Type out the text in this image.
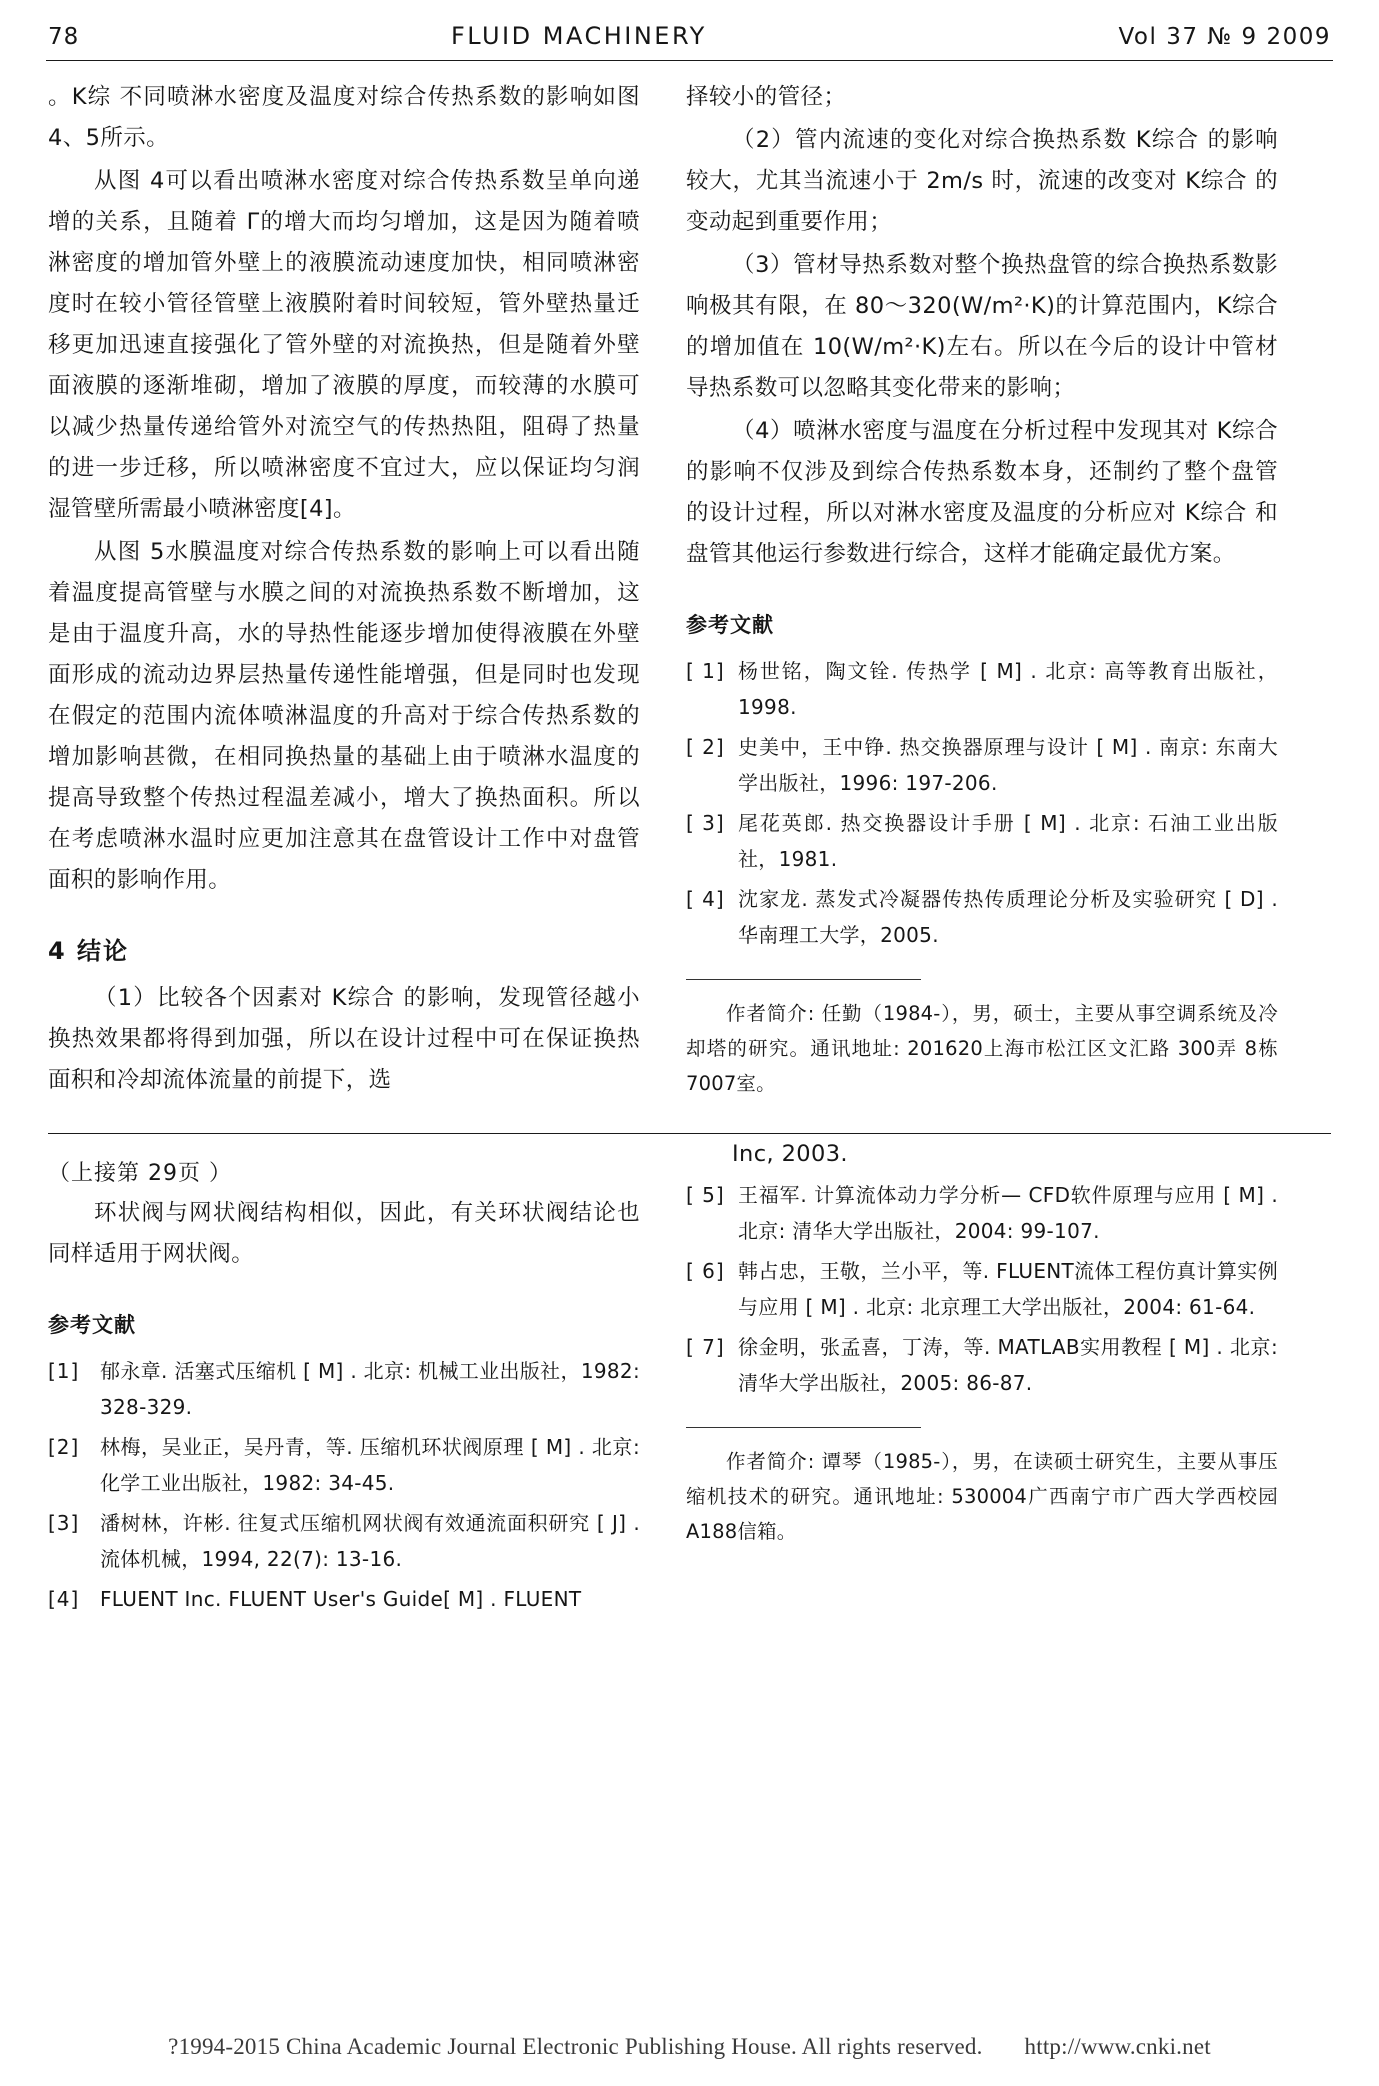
78	FLUID MACHINERY	Vol 37 № 9 2009

。K综 不同喷淋水密度及温度对综合传热系数的影响如图 4、5所示。

从图 4可以看出喷淋水密度对综合传热系数呈单向递增的关系，且随着 Γ的增大而均匀增加，这是因为随着喷淋密度的增加管外壁上的液膜流动速度加快，相同喷淋密度时在较小管径管壁上液膜附着时间较短，管外壁热量迁移更加迅速直接强化了管外壁的对流换热，但是随着外壁面液膜的逐渐堆砌，增加了液膜的厚度，而较薄的水膜可以减少热量传递给管外对流空气的传热热阻，阻碍了热量的进一步迁移，所以喷淋密度不宜过大，应以保证均匀润湿管壁所需最小喷淋密度[4]。

从图 5水膜温度对综合传热系数的影响上可以看出随着温度提高管壁与水膜之间的对流换热系数不断增加，这是由于温度升高，水的导热性能逐步增加使得液膜在外壁面形成的流动边界层热量传递性能增强，但是同时也发现在假定的范围内流体喷淋温度的升高对于综合传热系数的增加影响甚微，在相同换热量的基础上由于喷淋水温度的提高导致整个传热过程温差减小，增大了换热面积。所以在考虑喷淋水温时应更加注意其在盘管设计工作中对盘管面积的影响作用。

4 结论

（1）比较各个因素对 K综合 的影响，发现管径越小换热效果都将得到加强，所以在设计过程中可在保证换热面积和冷却流体流量的前提下，选

择较小的管径；

（2）管内流速的变化对综合换热系数 K综合 的影响较大，尤其当流速小于 2m/s 时，流速的改变对 K综合 的变动起到重要作用；

（3）管材导热系数对整个换热盘管的综合换热系数影响极其有限，在 80～320(W/m²·K)的计算范围内，K综合 的增加值在 10(W/m²·K)左右。所以在今后的设计中管材导热系数可以忽略其变化带来的影响；

（4）喷淋水密度与温度在分析过程中发现其对 K综合 的影响不仅涉及到综合传热系数本身，还制约了整个盘管的设计过程，所以对淋水密度及温度的分析应对 K综合 和盘管其他运行参数进行综合，这样才能确定最优方案。

参考文献
[ 1] 杨世铭，陶文铨. 传热学 [ M] . 北京: 高等教育出版社，1998.
[ 2] 史美中，王中铮. 热交换器原理与设计 [ M] . 南京: 东南大学出版社，1996: 197-206.
[ 3] 尾花英郎. 热交换器设计手册 [ M] . 北京: 石油工业出版社，1981.
[ 4] 沈家龙. 蒸发式冷凝器传热传质理论分析及实验研究 [ D] . 华南理工大学，2005.

作者简介: 任勤（1984-），男，硕士，主要从事空调系统及冷却塔的研究。通讯地址: 201620上海市松江区文汇路 300弄 8栋 7007室。

（上接第 29页 ）

环状阀与网状阀结构相似，因此，有关环状阀结论也同样适用于网状阀。

参考文献
[1]	郁永章. 活塞式压缩机 [ M] . 北京: 机械工业出版社，1982: 328-329.
[2]	林梅，吴业正，吴丹青，等. 压缩机环状阀原理 [ M] . 北京: 化学工业出版社，1982: 34-45.
[3]	潘树林，许彬. 往复式压缩机网状阀有效通流面积研究 [ J] . 流体机械，1994, 22(7): 13-16.
[4]	FLUENT Inc. FLUENT User's Guide[ M] . FLUENT

Inc, 2003.

[ 5] 王福军. 计算流体动力学分析— CFD软件原理与应用 [ M] . 北京: 清华大学出版社，2004: 99-107.
[ 6] 韩占忠，王敬，兰小平，等. FLUENT流体工程仿真计算实例与应用 [ M] . 北京: 北京理工大学出版社，2004: 61-64.
[ 7] 徐金明，张孟喜，丁涛，等. MATLAB实用教程 [ M] . 北京: 清华大学出版社，2005: 86-87.

作者简介: 谭琴（1985-），男，在读硕士研究生，主要从事压缩机技术的研究。通讯地址: 530004广西南宁市广西大学西校园 A188信箱。

?1994-2015 China Academic Journal Electronic Publishing House. All rights reserved. http://www.cnki.net
